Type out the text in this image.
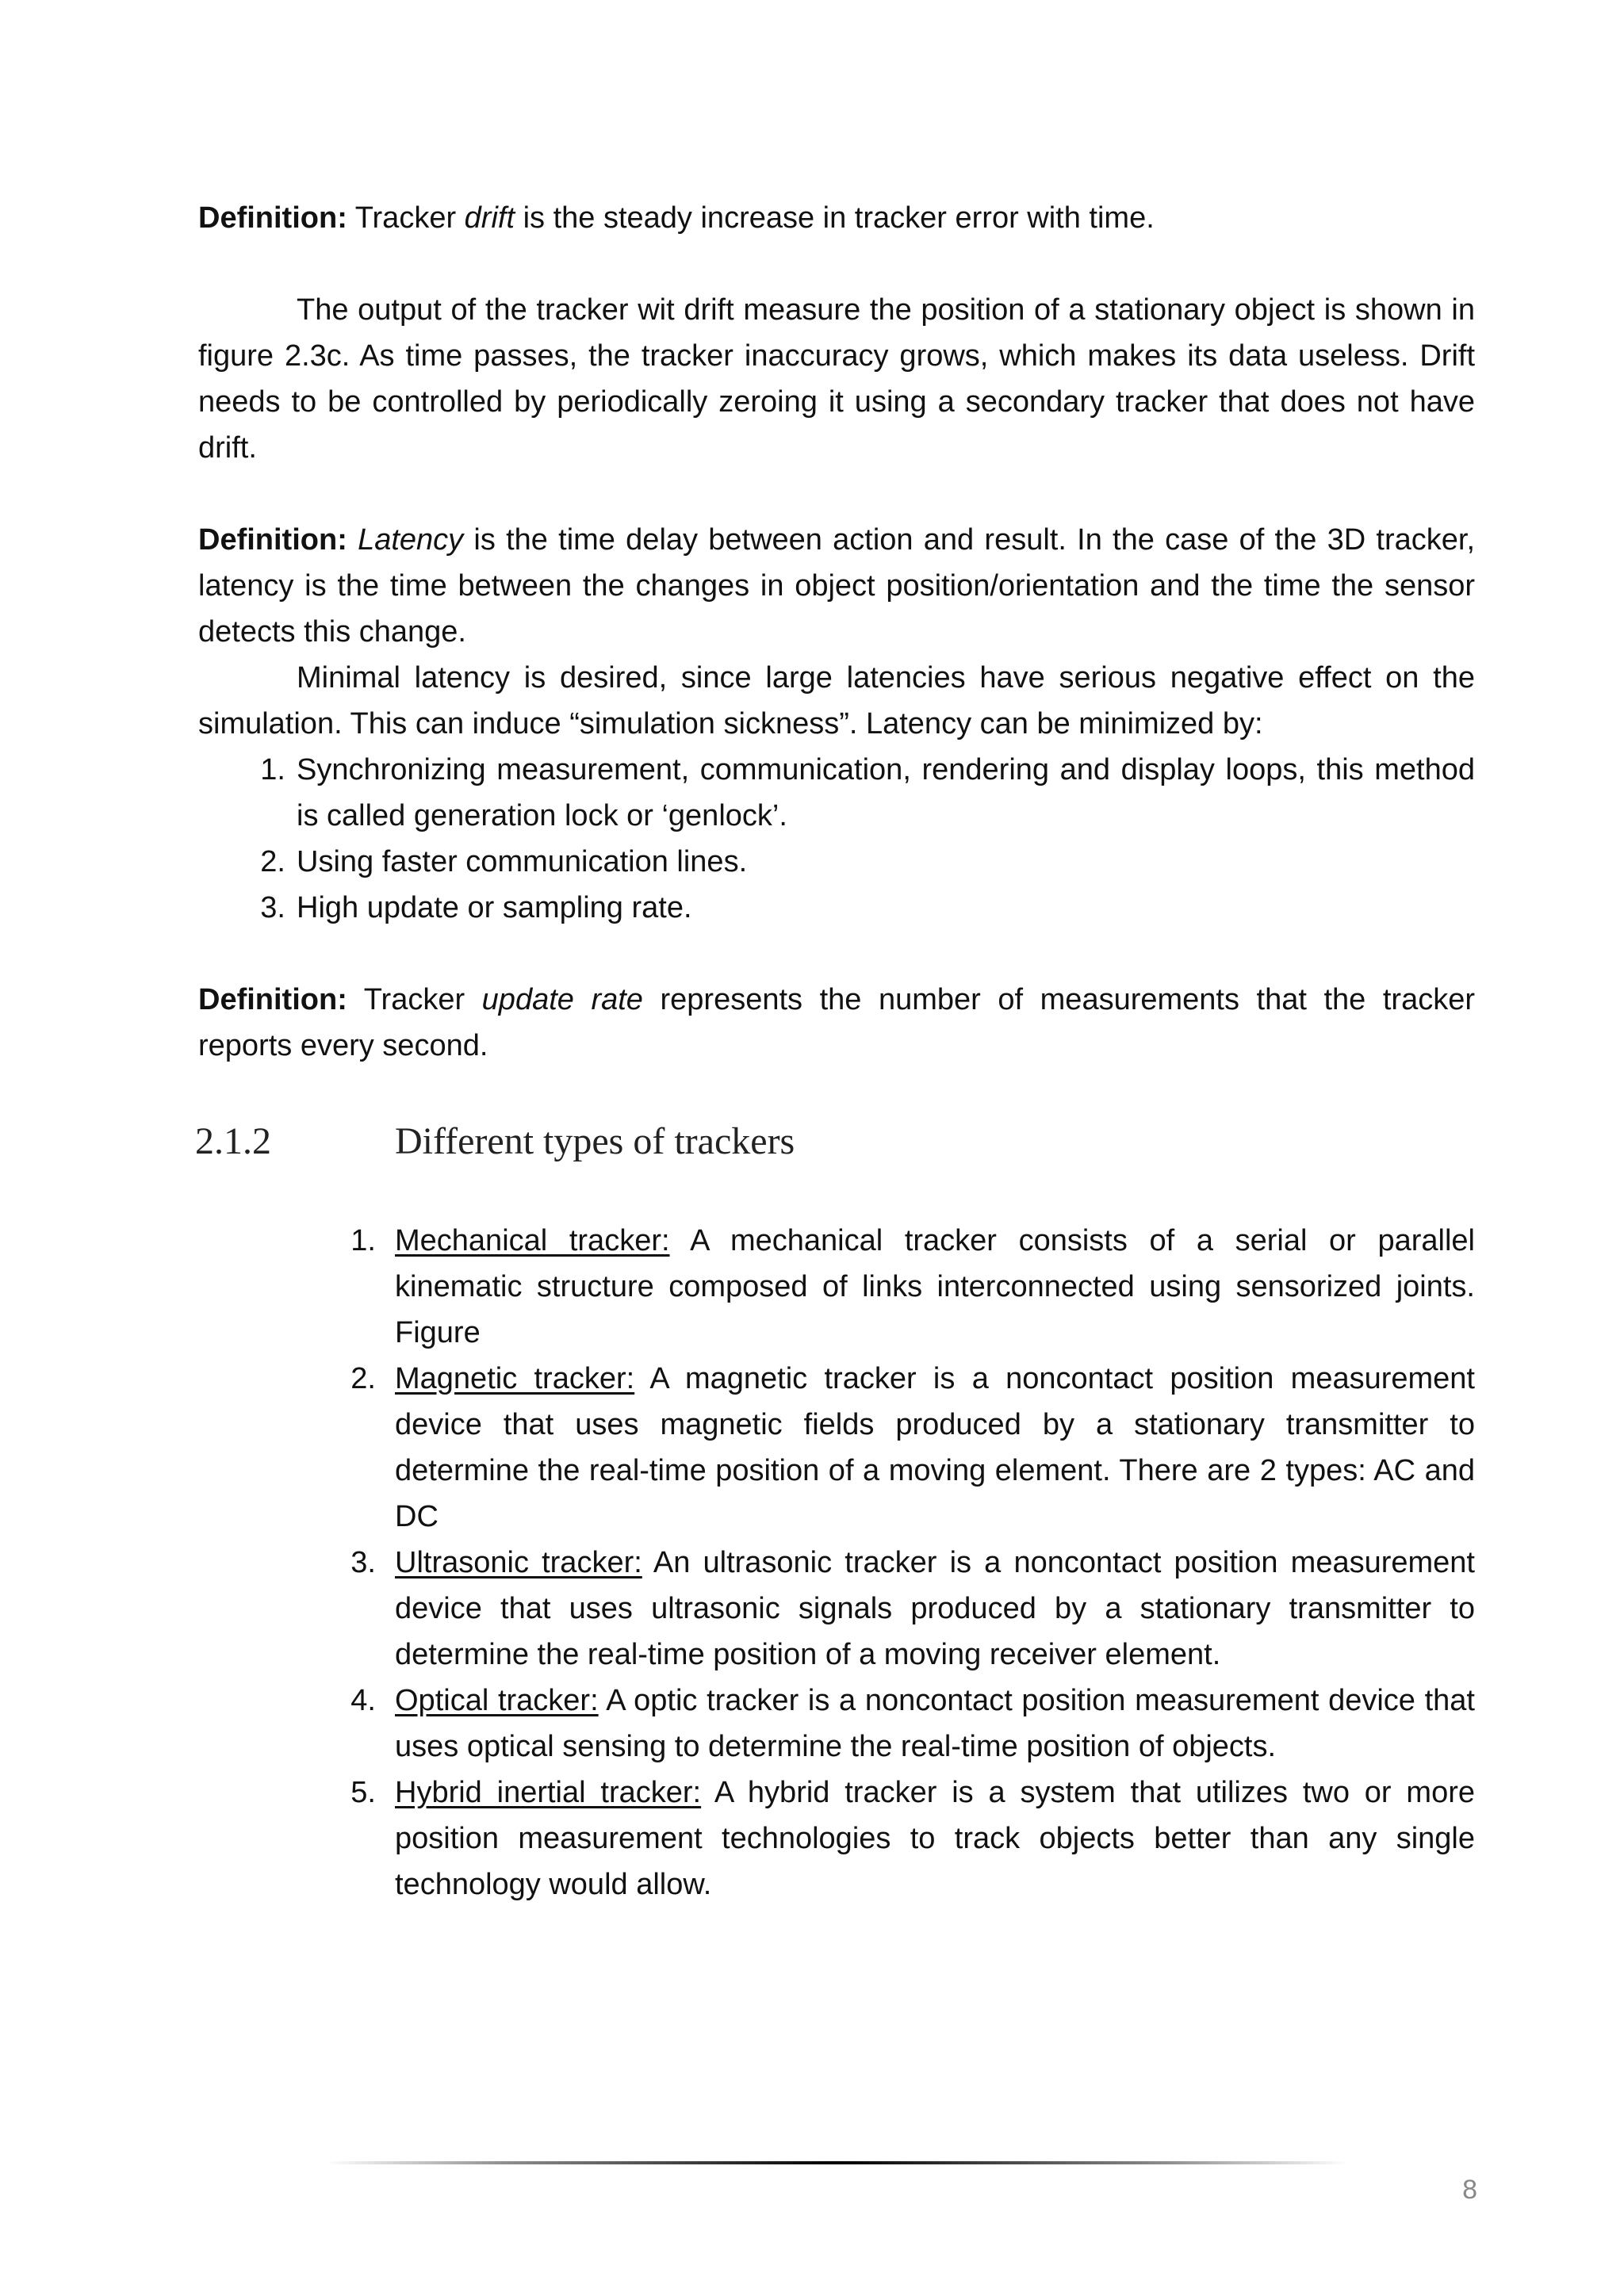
Definition: Tracker drift is the steady increase in tracker error with time.

The output of the tracker wit drift measure the position of a stationary object is shown in figure 2.3c. As time passes, the tracker inaccuracy grows, which makes its data useless. Drift needs to be controlled by periodically zeroing it using a secondary tracker that does not have drift.

Definition: Latency is the time delay between action and result. In the case of the 3D tracker, latency is the time between the changes in object position/orientation and the time the sensor detects this change.

Minimal latency is desired, since large latencies have serious negative effect on the simulation. This can induce “simulation sickness”. Latency can be minimized by:

1. Synchronizing measurement, communication, rendering and display loops, this method is called generation lock or ‘genlock’.
2. Using faster communication lines.
3. High update or sampling rate.

Definition: Tracker update rate represents the number of measurements that the tracker reports every second.

2.1.2	Different types of trackers
1. Mechanical tracker: A mechanical tracker consists of a serial or parallel kinematic structure composed of links interconnected using sensorized joints. Figure
2. Magnetic tracker: A magnetic tracker is a noncontact position measurement device that uses magnetic fields produced by a stationary transmitter to determine the real-time position of a moving element. There are 2 types: AC and DC
3. Ultrasonic tracker: An ultrasonic tracker is a noncontact position measurement device that uses ultrasonic signals produced by a stationary transmitter to determine the real-time position of a moving receiver element.
4. Optical tracker: A optic tracker is a noncontact position measurement device that uses optical sensing to determine the real-time position of objects.
5. Hybrid inertial tracker: A hybrid tracker is a system that utilizes two or more position measurement technologies to track objects better than any single technology would allow.
8
